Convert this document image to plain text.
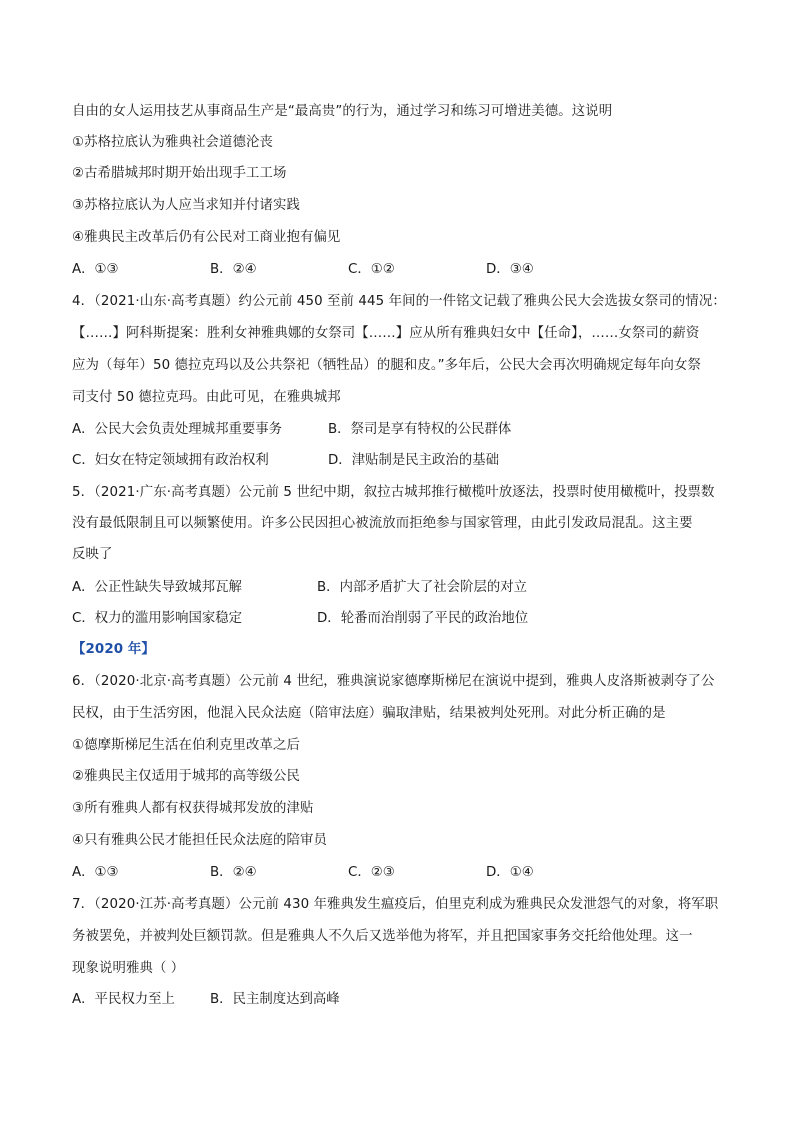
自由的女人运用技艺从事商品生产是“最高贵”的行为，通过学习和练习可增进美德。这说明
①苏格拉底认为雅典社会道德沦丧
②古希腊城邦时期开始出现手工工场
③苏格拉底认为人应当求知并付诸实践
④雅典民主改革后仍有公民对工商业抱有偏见
A．①③	B．②④	C．①②	D．③④
4．（2021·山东·高考真题）约公元前 450 至前 445 年间的一件铭文记载了雅典公民大会选拔女祭司的情况：
【……】阿科斯提案：胜利女神雅典娜的女祭司【……】应从所有雅典妇女中【任命】，……女祭司的薪资
应为（每年）50 德拉克玛以及公共祭祀（牺牲品）的腿和皮。”多年后，公民大会再次明确规定每年向女祭
司支付 50 德拉克玛。由此可见，在雅典城邦
A．公民大会负责处理城邦重要事务	B．祭司是享有特权的公民群体
C．妇女在特定领域拥有政治权利	D．津贴制是民主政治的基础
5．（2021·广东·高考真题）公元前 5 世纪中期，叙拉古城邦推行橄榄叶放逐法，投票时使用橄榄叶，投票数
没有最低限制且可以频繁使用。许多公民因担心被流放而拒绝参与国家管理，由此引发政局混乱。这主要
反映了
A．公正性缺失导致城邦瓦解	B．内部矛盾扩大了社会阶层的对立
C．权力的滥用影响国家稳定	D．轮番而治削弱了平民的政治地位
【2020 年】
6．（2020·北京·高考真题）公元前 4 世纪，雅典演说家德摩斯梯尼在演说中提到，雅典人皮洛斯被剥夺了公
民权，由于生活穷困，他混入民众法庭（陪审法庭）骗取津贴，结果被判处死刑。对此分析正确的是
①德摩斯梯尼生活在伯利克里改革之后
②雅典民主仅适用于城邦的高等级公民
③所有雅典人都有权获得城邦发放的津贴
④只有雅典公民才能担任民众法庭的陪审员
A．①③	B．②④	C．②③	D．①④
7．（2020·江苏·高考真题）公元前 430 年雅典发生瘟疫后，伯里克利成为雅典民众发泄怨气的对象，将军职
务被罢免，并被判处巨额罚款。但是雅典人不久后又选举他为将军，并且把国家事务交托给他处理。这一
现象说明雅典（ ）
A．平民权力至上	B．民主制度达到高峰
